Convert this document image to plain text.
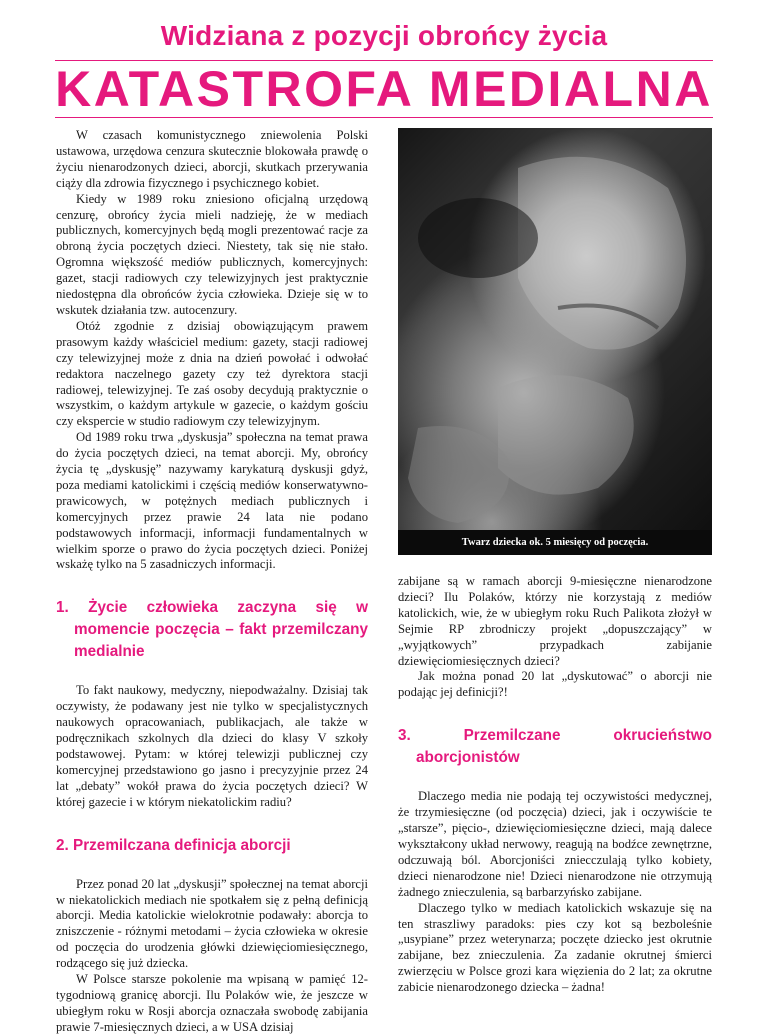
Widziana z pozycji obrońcy życia
KATASTROFA MEDIALNA

W czasach komunistycznego zniewolenia Polski ustawowa, urzędowa cenzura skutecznie blokowała prawdę o życiu nienarodzonych dzieci, aborcji, skutkach przerywania ciąży dla zdrowia fizycznego i psychicznego kobiet.

Kiedy w 1989 roku zniesiono oficjalną urzędową cenzurę, obrońcy życia mieli nadzieję, że w mediach publicznych, komercyjnych będą mogli prezentować racje za obroną życia poczętych dzieci. Niestety, tak się nie stało. Ogromna większość mediów publicznych, komercyjnych: gazet, stacji radiowych czy telewizyjnych jest praktycznie niedostępna dla obrońców życia człowieka. Dzieje się w to wskutek działania tzw. autocenzury.

Otóż zgodnie z dzisiaj obowiązującym prawem prasowym każdy właściciel medium: gazety, stacji radiowej czy telewizyjnej może z dnia na dzień powołać i odwołać redaktora naczelnego gazety czy też dyrektora stacji radiowej, telewizyjnej. Te zaś osoby decydują praktycznie o wszystkim, o każdym artykule w gazecie, o każdym gościu czy ekspercie w studio radiowym czy telewizyjnym.

Od 1989 roku trwa „dyskusja” społeczna na temat prawa do życia poczętych dzieci, na temat aborcji. My, obrońcy życia tę „dyskusję” nazywamy karykaturą dyskusji gdyż, poza mediami katolickimi i częścią mediów konserwatywno-prawicowych, w potężnych mediach publicznych i komercyjnych przez prawie 24 lata nie podano podstawowych informacji, informacji fundamentalnych w wielkim sporze o prawo do życia poczętych dzieci. Poniżej wskażę tylko na 5 zasadniczych informacji.

1. Życie człowieka zaczyna się w momencie poczęcia – fakt przemilczany medialnie

To fakt naukowy, medyczny, niepodważalny. Dzisiaj tak oczywisty, że podawany jest nie tylko w specjalistycznych naukowych opracowaniach, publikacjach, ale także w podręcznikach szkolnych dla dzieci do klasy V szkoły podstawowej. Pytam: w której telewizji publicznej czy komercyjnej przedstawiono go jasno i precyzyjnie przez 24 lat „debaty” wokół prawa do życia poczętych dzieci? W której gazecie i w którym niekatolickim radiu?

2. Przemilczana definicja aborcji

Przez ponad 20 lat „dyskusji” społecznej na temat aborcji w niekatolickich mediach nie spotkałem się z pełną definicją aborcji. Media katolickie wielokrotnie podawały: aborcja to zniszczenie - różnymi metodami – życia człowieka w okresie od poczęcia do urodzenia główki dziewięciomiesięcznego, rodzącego się już dziecka.

W Polsce starsze pokolenie ma wpisaną w pamięć 12-tygodniową granicę aborcji. Ilu Polaków wie, że jeszcze w ubiegłym roku w Rosji aborcja oznaczała swobodę zabijania prawie 7-miesięcznych dzieci, a w USA dzisiaj

Twarz dziecka ok. 5 miesięcy od poczęcia.

zabijane są w ramach aborcji 9-miesięczne nienarodzone dzieci? Ilu Polaków, którzy nie korzystają z mediów katolickich, wie, że w ubiegłym roku Ruch Palikota złożył w Sejmie RP zbrodniczy projekt „dopuszczający” w „wyjątkowych” przypadkach zabijanie dziewięciomiesięcznych dzieci?

Jak można ponad 20 lat „dyskutować” o aborcji nie podając jej definicji?!

3. Przemilczane okrucieństwo aborcjonistów

Dlaczego media nie podają tej oczywistości medycznej, że trzymiesięczne (od poczęcia) dzieci, jak i oczywiście te „starsze”, pięcio-, dziewięciomiesięczne dzieci, mają dalece wykształcony układ nerwowy, reagują na bodźce zewnętrzne, odczuwają ból. Aborcjoniści zniecczulają tylko kobiety, dzieci nienarodzone nie! Dzieci nienarodzone nie otrzymują żadnego znieczulenia, są barbarzyńsko zabijane.

Dlaczego tylko w mediach katolickich wskazuje się na ten straszliwy paradoks: pies czy kot są bezboleśnie „usypiane” przez weterynarza; poczęte dziecko jest okrutnie zabijane, bez znieczulenia. Za zadanie okrutnej śmierci zwierzęciu w Polsce grozi kara więzienia do 2 lat; za okrutne zabicie nienarodzonego dziecka – żadna!
